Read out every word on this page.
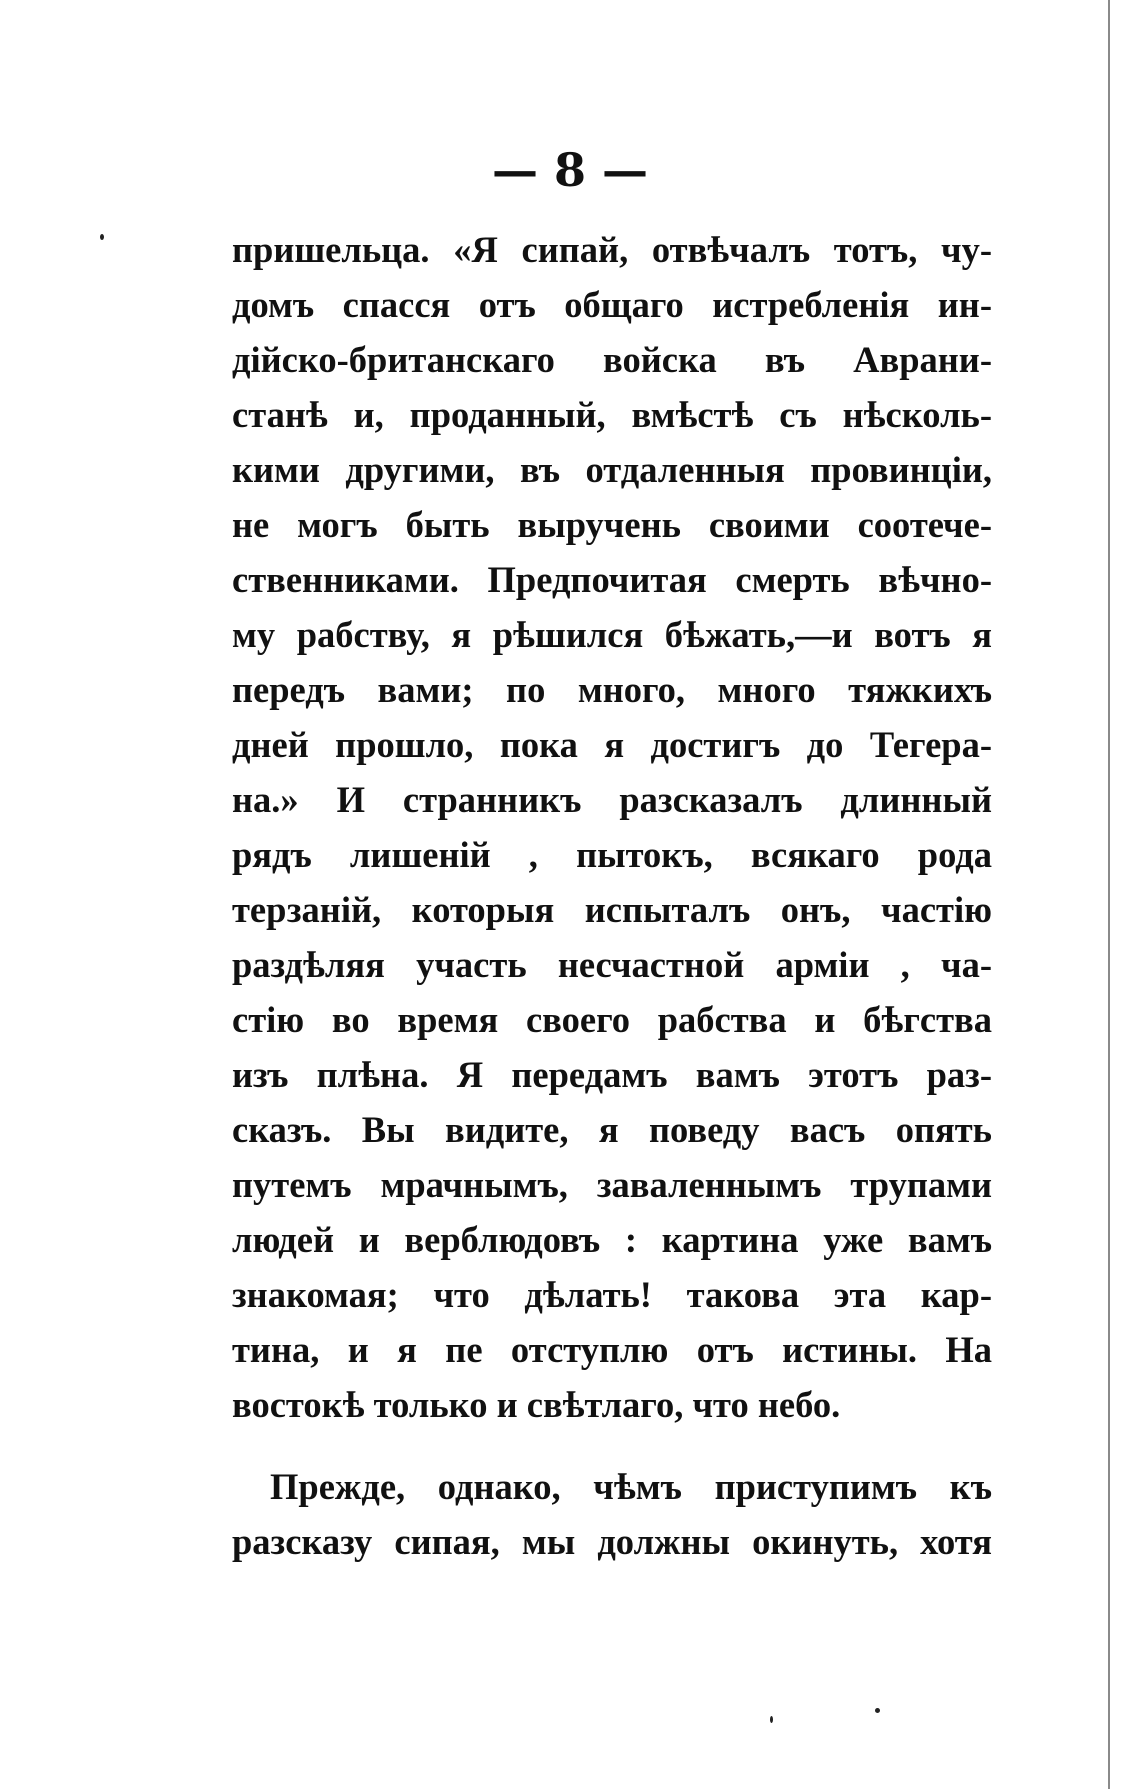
— 8 —
пришельца. «Я сипай, отвѣчалъ тотъ, чу-
домъ спасся отъ общаго истребленія ин-
дійско-британскаго войска въ Аврани-
станѣ и, проданный, вмѣстѣ съ нѣсколь-
кими другими, въ отдаленныя провинціи,
не могъ быть выручень своими соотече-
ственниками. Предпочитая смерть вѣчно-
му рабству, я рѣшился бѣжать,—и вотъ я
передъ вами; по много, много тяжкихъ
дней прошло, пока я достигъ до Тегера-
на.» И странникъ разсказалъ длинный
рядъ лишеній , пытокъ, всякаго рода
терзаній, которыя испыталъ онъ, частію
раздѣляя участь несчастной арміи , ча-
стію во время своего рабства и бѣгства
изъ плѣна. Я передамъ вамъ этотъ раз-
сказъ. Вы видите, я поведу васъ опять
путемъ мрачнымъ, заваленнымъ трупами
людей и верблюдовъ : картина уже вамъ
знакомая; что дѣлать! такова эта кар-
тина, и я пе отступлю отъ истины. На
востокѣ только и свѣтлаго, что небо.
Прежде, однако, чѣмъ приступимъ къ
разсказу сипая, мы должны окинуть, хотя
